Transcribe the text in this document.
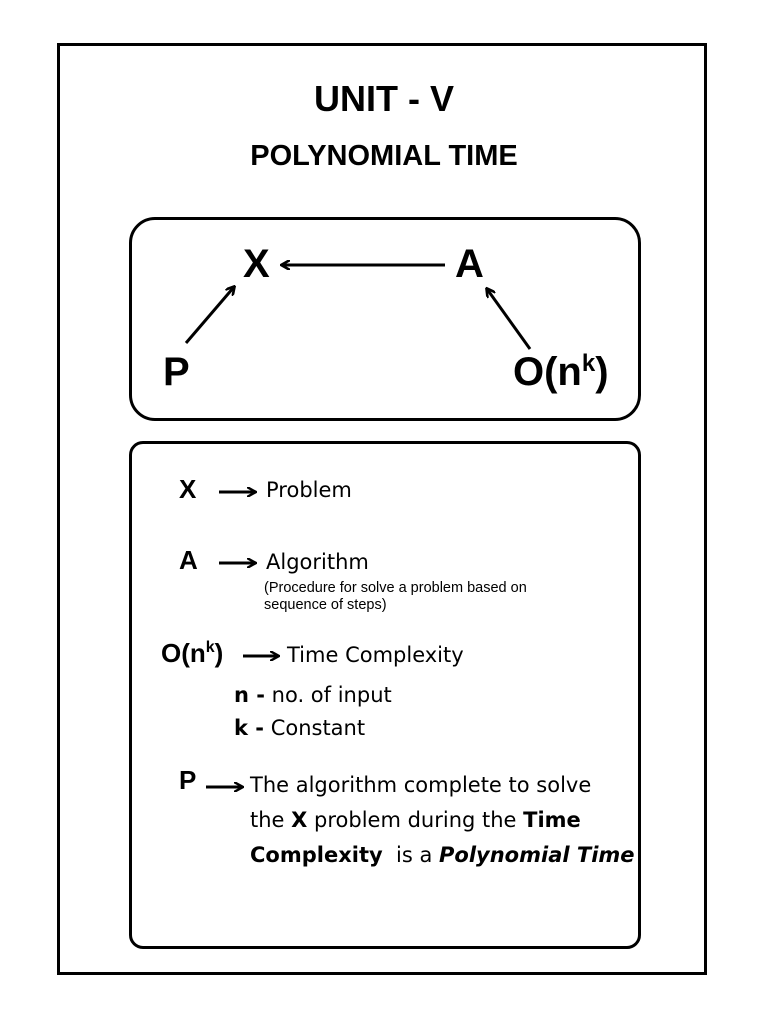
UNIT - V
POLYNOMIAL TIME
X	A
P	$O(n^k)$
X	Problem
A	Algorithm
(Procedure for solve a problem based on
sequence of steps)
$O(n^k)$	Time Complexity
n - no. of input
k - Constant
P	The algorithm complete to solve
the X problem during the Time
Complexity  is a Polynomial Time
